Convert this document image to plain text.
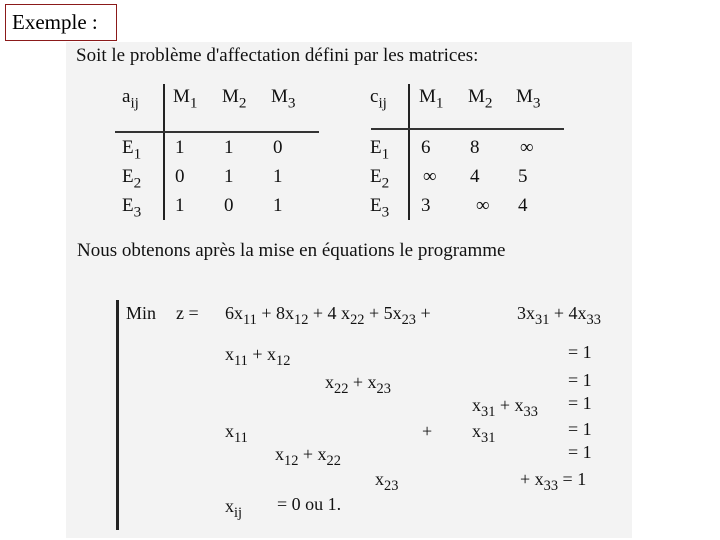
Exemple :
Soit le problème d'affectation défini par les matrices:
Nous obtenons après la mise en équations le programme
Min z =
$a_{ij}$ $M_1$ $M_2$ $M_3$
$E_1$ 1 1 0
$E_2$ 0 1 1
$E_3$ 1 0 1
$c_{ij}$ $M_1$ $M_2$ $M_3$
$E_1$ 6 8 ∞
$E_2$ ∞ 4 5
$E_3$ 3 ∞ 4
$6x_{11} + 8x_{12} + 4$ $x_{22} + 5x_{23}$ +	$3x_{31} + 4x_{33}$
$x_{11} + x_{12}$	= 1
$x_{22} + x_{23}$	= 1
$x_{31} + x_{33} = 1$
$x_{11}$	+ $x_{31}$	= 1
$x_{12} + x_{22}$	= 1
$x_{23}$	+ $x_{33} = 1$
$x_{ij} = 0$ ou 1.
